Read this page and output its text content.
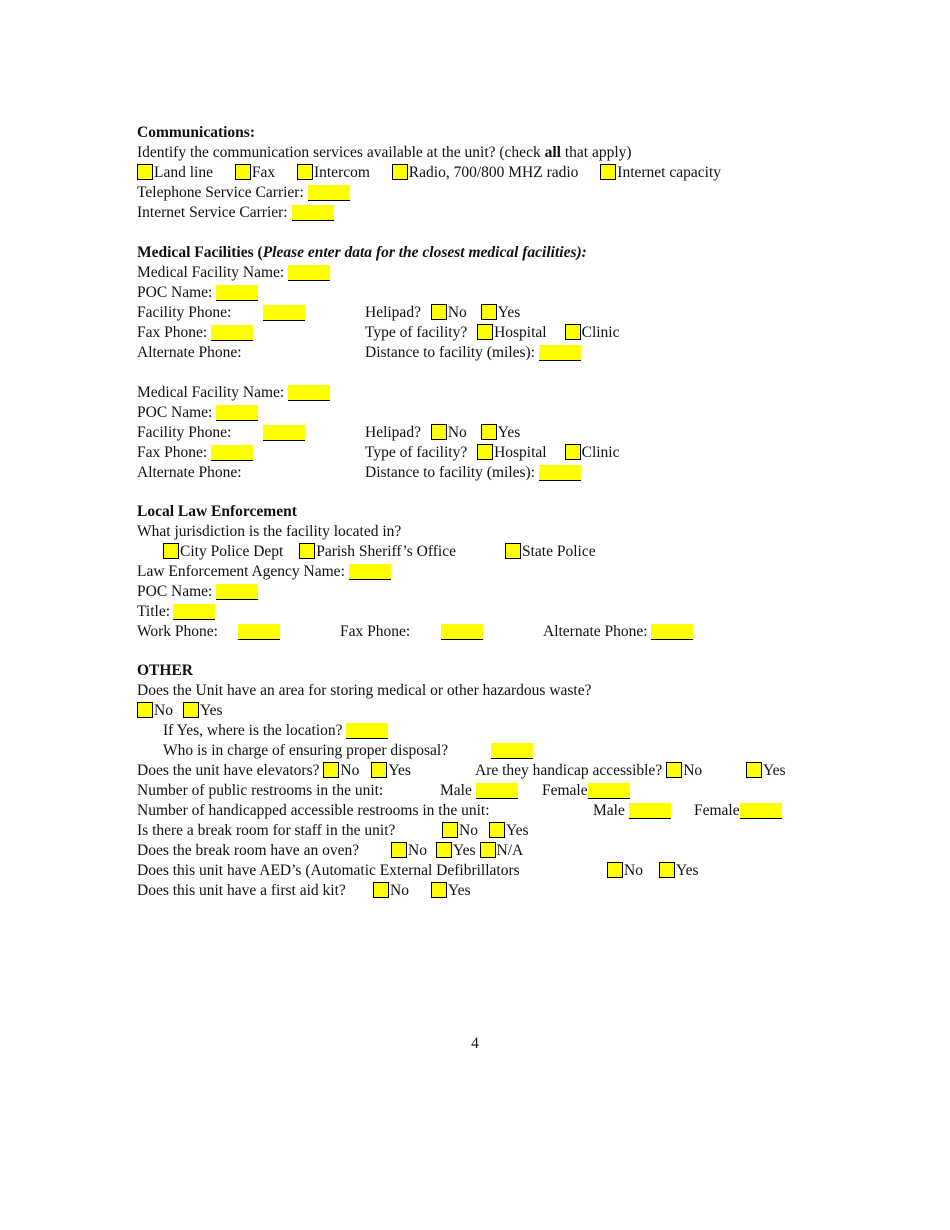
Communications:
Identify the communication services available at the unit? (check all that apply)
Land line	Fax	Intercom	Radio, 700/800 MHZ radio	Internet capacity
Telephone Service Carrier:
Internet Service Carrier:
Medical Facilities (Please enter data for the closest medical facilities):
Medical Facility Name:
POC Name:
Facility Phone:	Helipad? No Yes
Fax Phone:	Type of facility? Hospital Clinic
Alternate Phone:	Distance to facility (miles):
Medical Facility Name:
POC Name:
Facility Phone:	Helipad? No Yes
Fax Phone:	Type of facility? Hospital Clinic
Alternate Phone:	Distance to facility (miles):
Local Law Enforcement
What jurisdiction is the facility located in?
City Police Dept Parish Sheriff’s Office	State Police
Law Enforcement Agency Name:
POC Name:
Title:
Work Phone:	Fax Phone:	Alternate Phone:
OTHER
Does the Unit have an area for storing medical or other hazardous waste?
No Yes
If Yes, where is the location?
Who is in charge of ensuring proper disposal?
Does the unit have elevators? No Yes	Are they handicap accessible? No	Yes
Number of public restrooms in the unit:	Male	Female
Number of handicapped accessible restrooms in the unit:	Male	Female
Is there a break room for staff in the unit?	No Yes
Does the break room have an oven?	No Yes N/A
Does this unit have AED’s (Automatic External Defibrillators	No Yes
Does this unit have a first aid kit?	No	Yes
4
